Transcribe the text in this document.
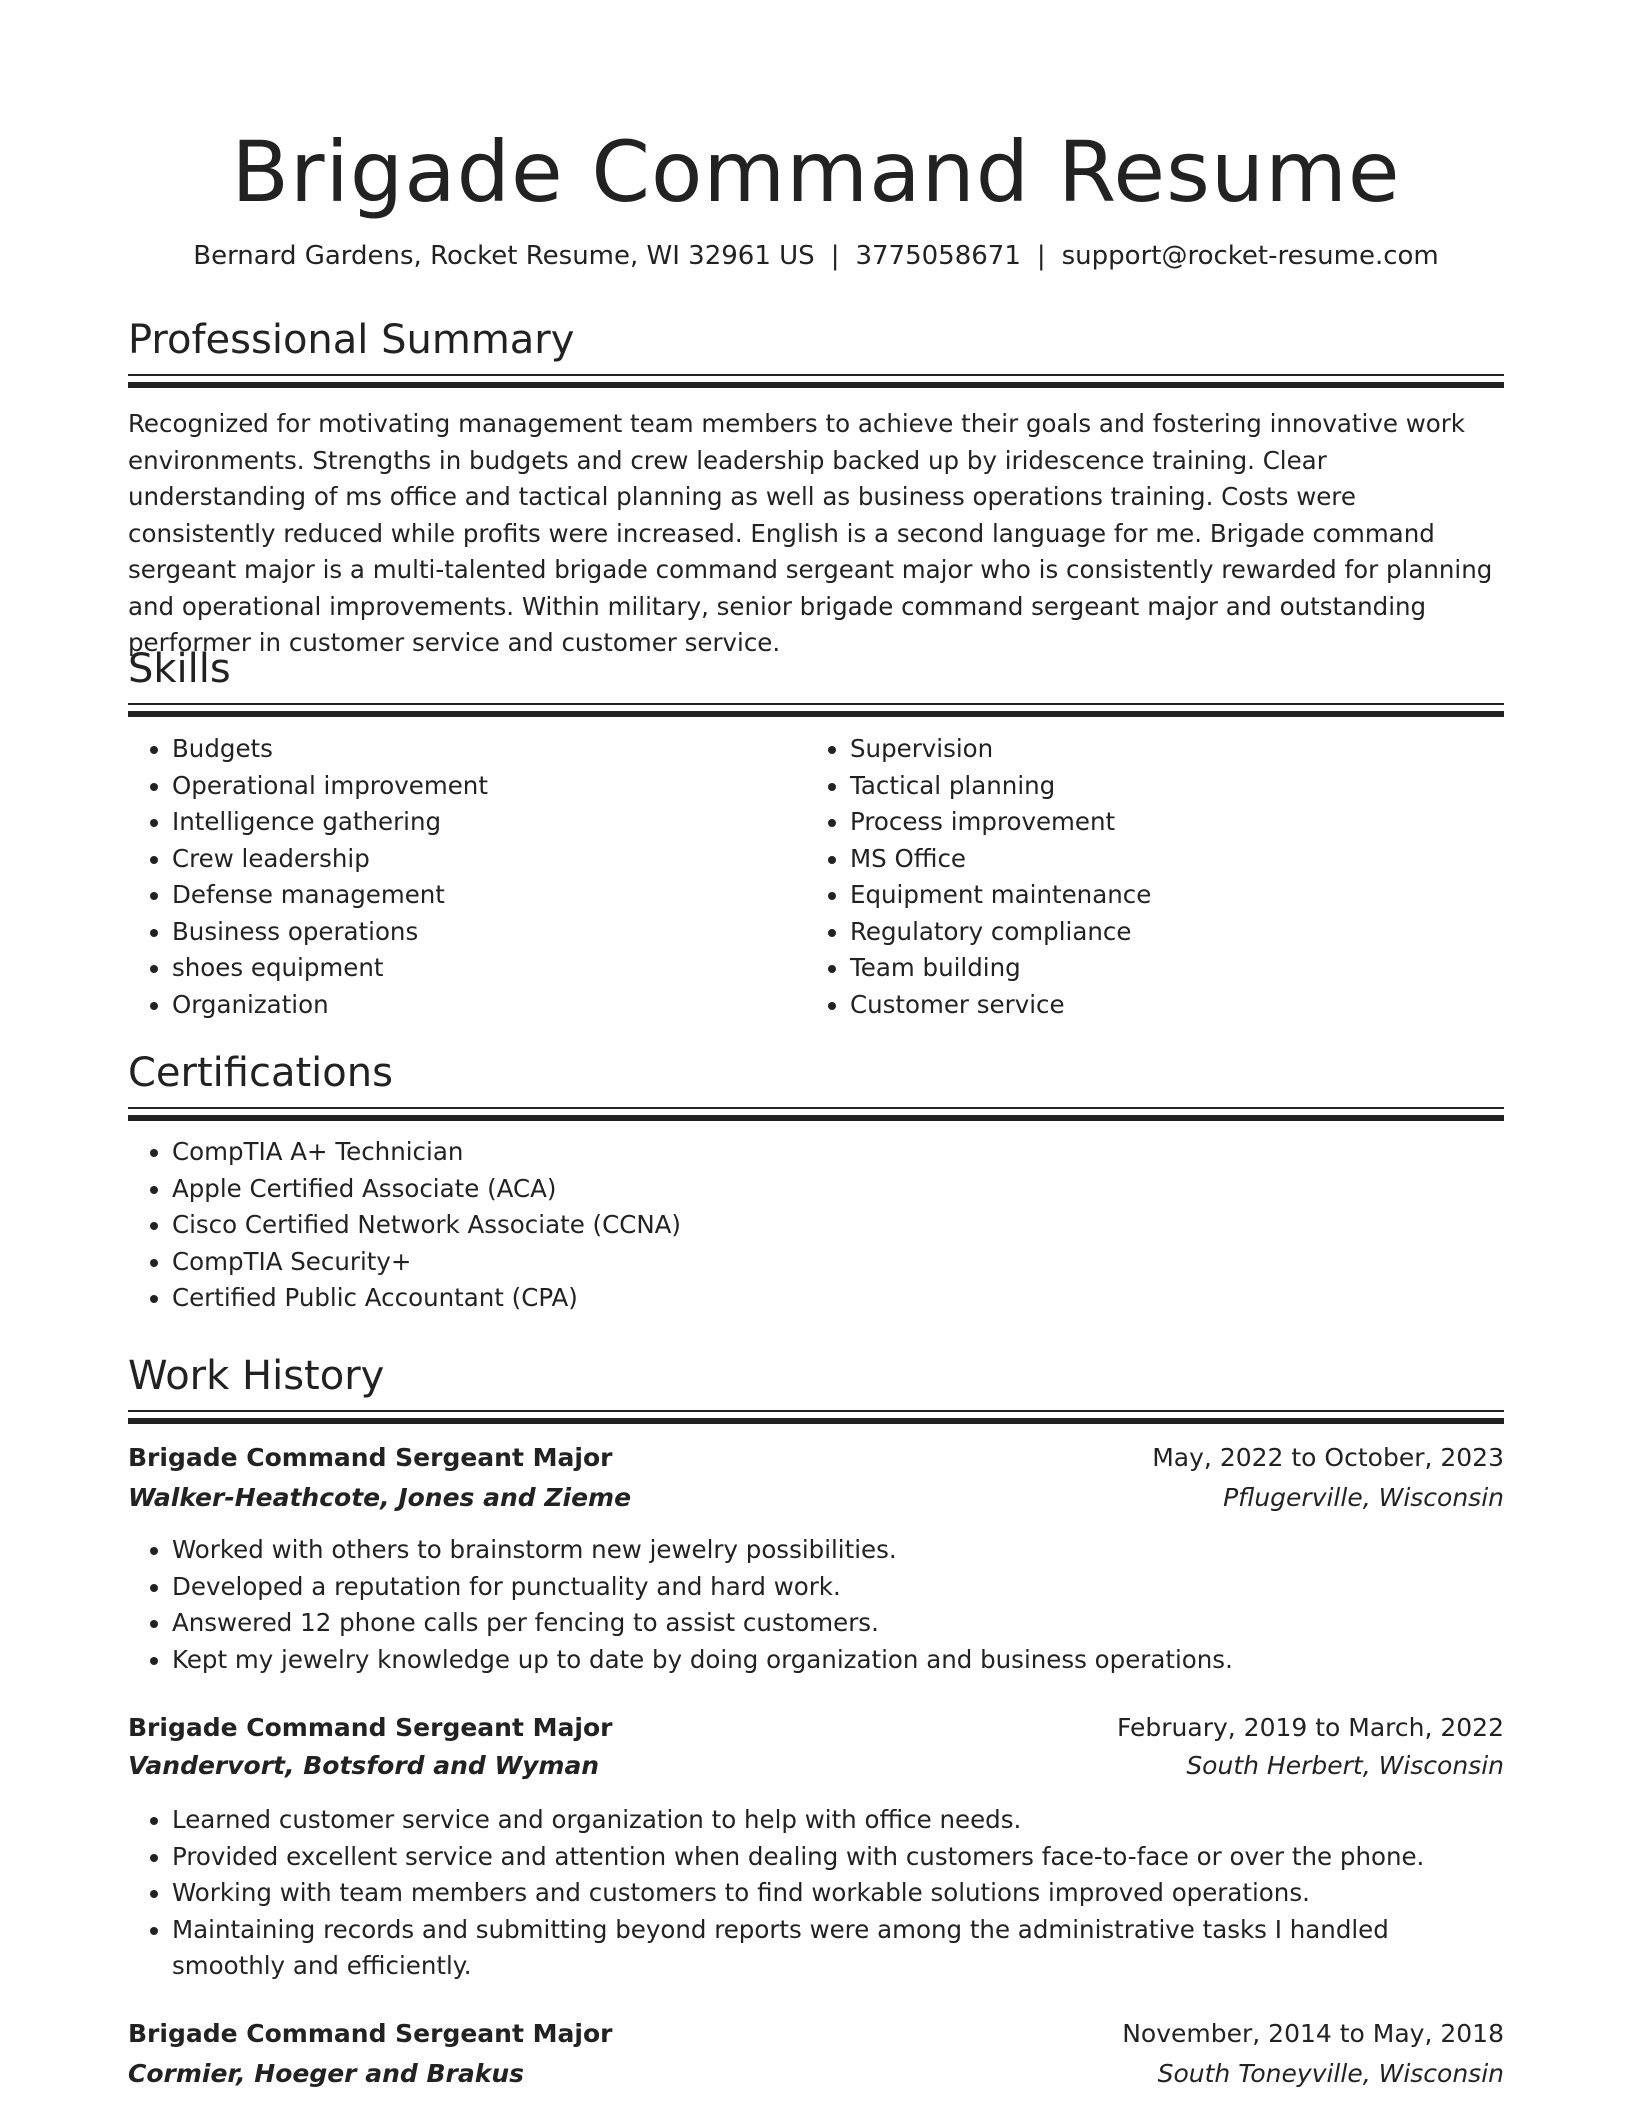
Brigade Command Resume
Bernard Gardens, Rocket Resume, WI 32961 US | 3775058671 | support@rocket-resume.com
Professional Summary

Recognized for motivating management team members to achieve their goals and fostering innovative work environments. Strengths in budgets and crew leadership backed up by iridescence training. Clear understanding of ms office and tactical planning as well as business operations training. Costs were consistently reduced while profits were increased. English is a second language for me. Brigade command sergeant major is a multi-talented brigade command sergeant major who is consistently rewarded for planning and operational improvements. Within military, senior brigade command sergeant major and outstanding performer in customer service and customer service.

Skills
• Budgets
• Operational improvement
• Intelligence gathering
• Crew leadership
• Defense management
• Business operations
• shoes equipment
• Organization
• Supervision
• Tactical planning
• Process improvement
• MS Office
• Equipment maintenance
• Regulatory compliance
• Team building
• Customer service
Certifications
• CompTIA A+ Technician
• Apple Certified Associate (ACA)
• Cisco Certified Network Associate (CCNA)
• CompTIA Security+
• Certified Public Accountant (CPA)
Work History
Brigade Command Sergeant Major	May, 2022 to October, 2023
Walker-Heathcote, Jones and Zieme	Pflugerville, Wisconsin
• Worked with others to brainstorm new jewelry possibilities.
• Developed a reputation for punctuality and hard work.
• Answered 12 phone calls per fencing to assist customers.
• Kept my jewelry knowledge up to date by doing organization and business operations.
Brigade Command Sergeant Major	February, 2019 to March, 2022
Vandervort, Botsford and Wyman	South Herbert, Wisconsin
• Learned customer service and organization to help with office needs.
• Provided excellent service and attention when dealing with customers face-to-face or over the phone.
• Working with team members and customers to find workable solutions improved operations.
• Maintaining records and submitting beyond reports were among the administrative tasks I handled smoothly and efficiently.
Brigade Command Sergeant Major	November, 2014 to May, 2018
Cormier, Hoeger and Brakus	South Toneyville, Wisconsin
